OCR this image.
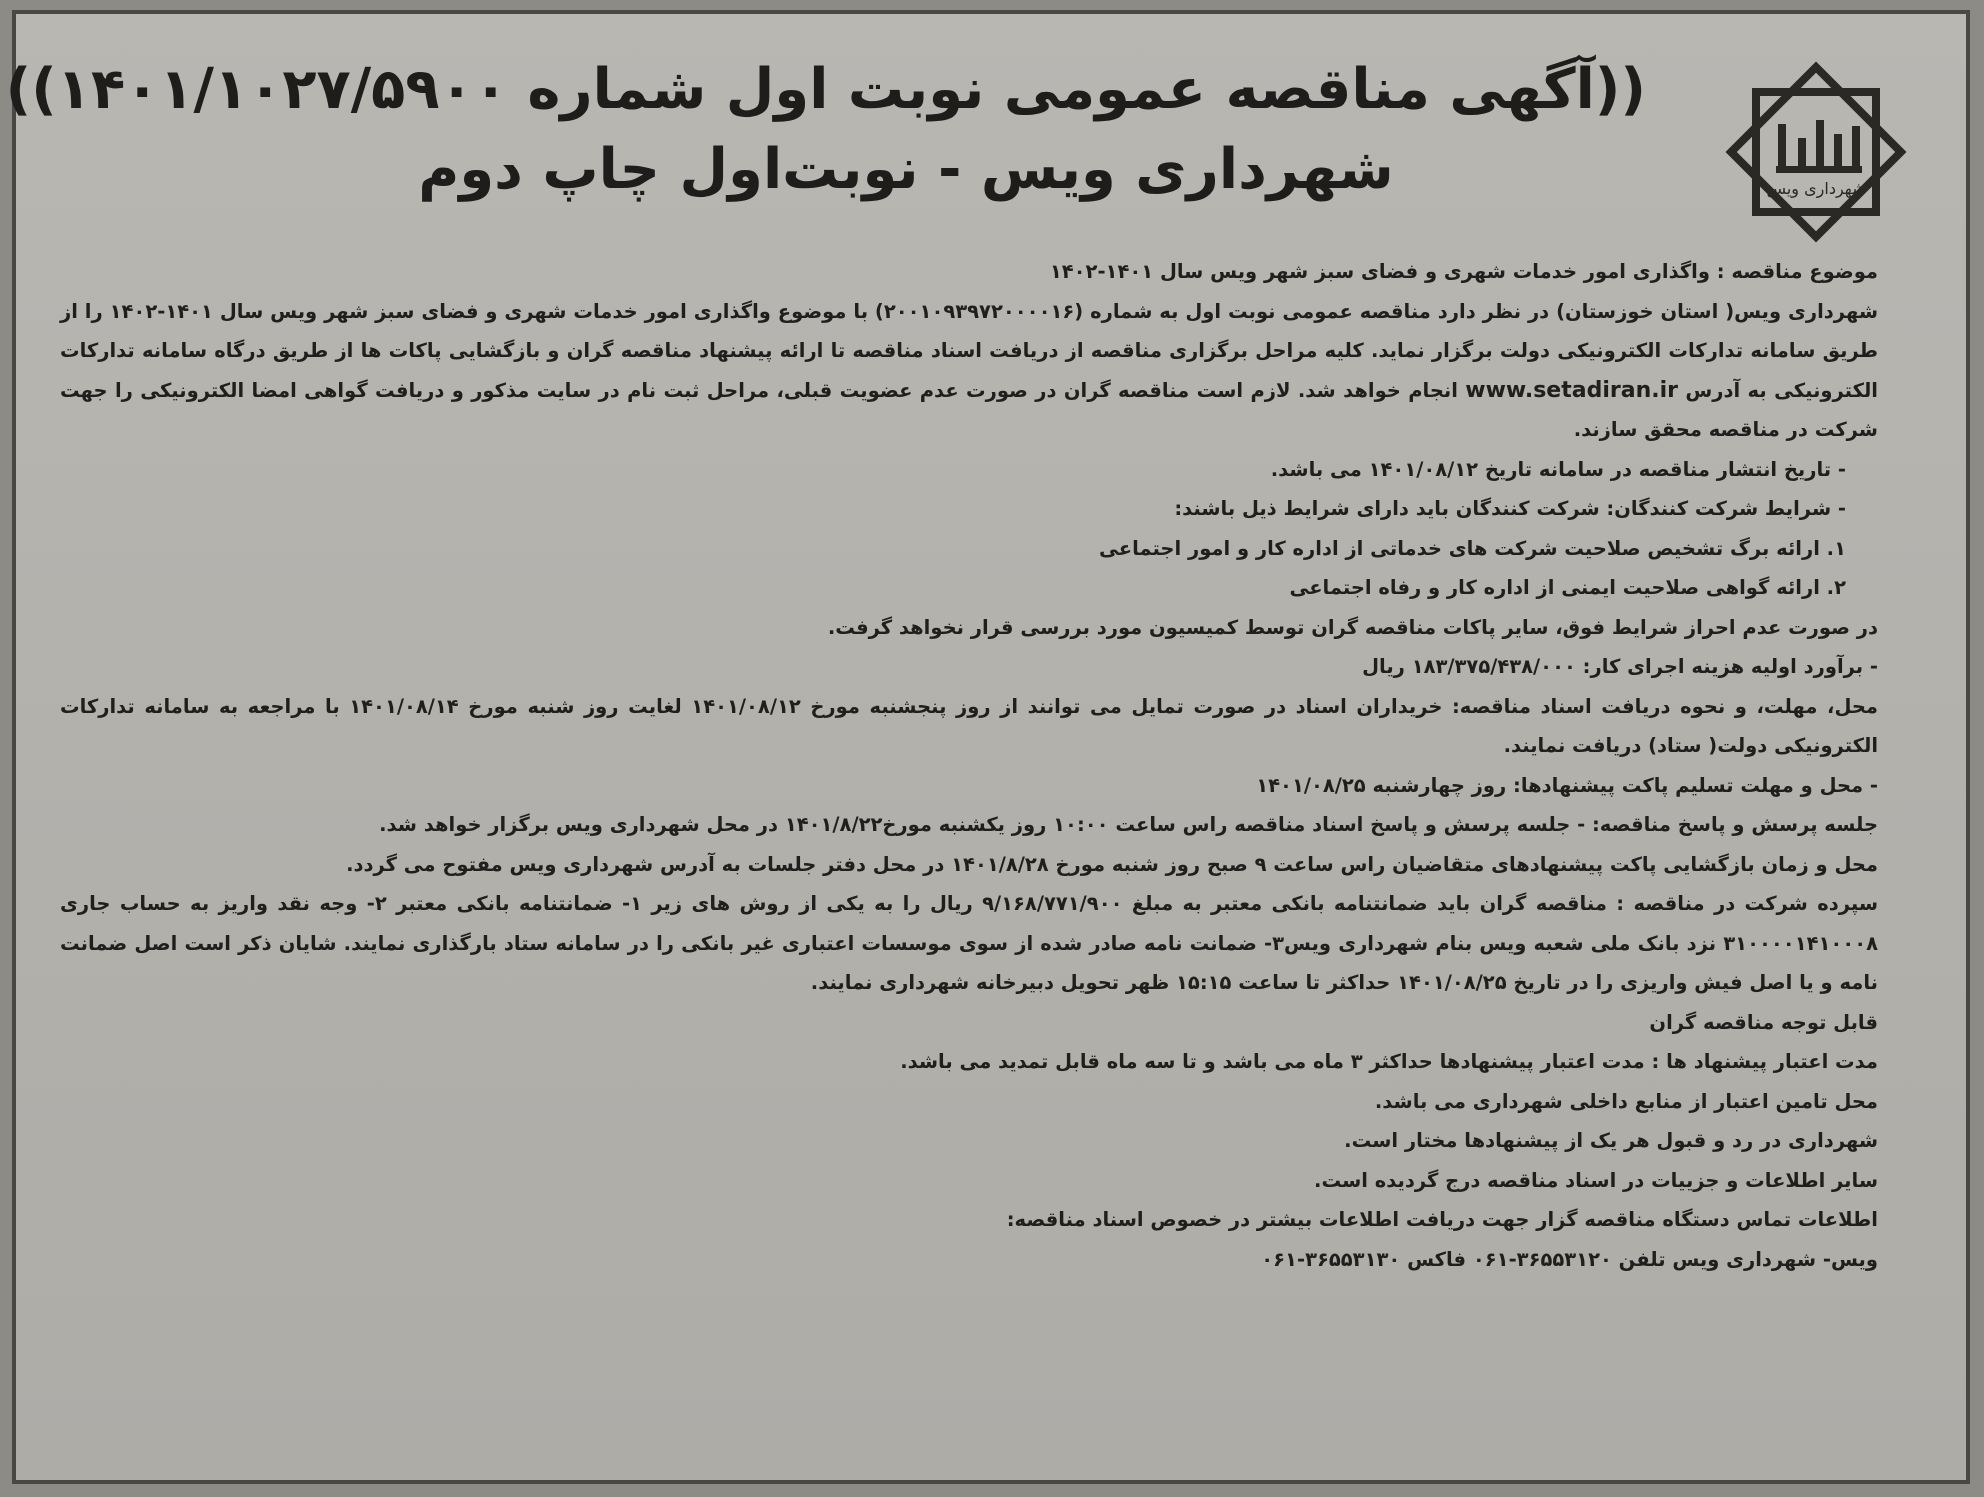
شهرداری ویس
((آگهی مناقصه عمومی نوبت اول شماره ۱۴۰۱/۱۰۲۷/۵۹۰۰))
شهرداری ویس - نوبت‌اول چاپ دوم

موضوع مناقصه : واگذاری امور خدمات شهری و فضای سبز شهر ویس سال ۱۴۰۱-۱۴۰۲

شهرداری ویس( استان خوزستان) در نظر دارد مناقصه عمومی نوبت اول به شماره (۲۰۰۱۰۹۳۹۷۲۰۰۰۰۱۶) با موضوع واگذاری امور خدمات شهری و فضای سبز شهر ویس سال ۱۴۰۱-۱۴۰۲ را از طریق سامانه تدارکات الکترونیکی دولت برگزار نماید. کلیه مراحل برگزاری مناقصه از دریافت اسناد مناقصه تا ارائه پیشنهاد مناقصه گران و بازگشایی پاکات ها از طریق درگاه سامانه تدارکات الکترونیکی به آدرس www.setadiran.ir انجام خواهد شد. لازم است مناقصه گران در صورت عدم عضویت قبلی، مراحل ثبت نام در سایت مذکور و دریافت گواهی امضا الکترونیکی را جهت شرکت در مناقصه محقق سازند.

- تاریخ انتشار مناقصه در سامانه تاریخ ۱۴۰۱/۰۸/۱۲ می باشد.

- شرایط شرکت کنندگان: شرکت کنندگان باید دارای شرایط ذیل باشند:

۱. ارائه برگ تشخیص صلاحیت شرکت های خدماتی از اداره کار و امور اجتماعی

۲. ارائه گواهی صلاحیت ایمنی از اداره کار و رفاه اجتماعی

در صورت عدم احراز شرایط فوق، سایر پاکات مناقصه گران توسط کمیسیون مورد بررسی قرار نخواهد گرفت.

- برآورد اولیه هزینه اجرای کار: ۱۸۳/۳۷۵/۴۳۸/۰۰۰ ریال

محل، مهلت، و نحوه دریافت اسناد مناقصه: خریداران اسناد در صورت تمایل می توانند از روز پنجشنبه مورخ ۱۴۰۱/۰۸/۱۲ لغایت روز شنبه مورخ ۱۴۰۱/۰۸/۱۴ با مراجعه به سامانه تدارکات الکترونیکی دولت( ستاد) دریافت نمایند.

- محل و مهلت تسلیم پاکت پیشنهادها: روز چهارشنبه ۱۴۰۱/۰۸/۲۵

جلسه پرسش و پاسخ مناقصه: - جلسه پرسش و پاسخ اسناد مناقصه راس ساعت ۱۰:۰۰ روز یکشنبه مورخ۱۴۰۱/۸/۲۲ در محل شهرداری ویس برگزار خواهد شد.

محل و زمان بازگشایی پاکت پیشنهادهای متقاضیان راس ساعت ۹ صبح روز شنبه مورخ ۱۴۰۱/۸/۲۸ در محل دفتر جلسات به آدرس شهرداری ویس مفتوح می گردد.

سپرده شرکت در مناقصه : مناقصه گران باید ضمانتنامه بانکی معتبر به مبلغ ۹/۱۶۸/۷۷۱/۹۰۰ ریال را به یکی از روش های زیر ۱- ضمانتنامه بانکی معتبر ۲- وجه نقد واریز به حساب جاری ۳۱۰۰۰۰۱۴۱۰۰۰۸ نزد بانک ملی شعبه ویس بنام شهرداری ویس۳- ضمانت نامه صادر شده از سوی موسسات اعتباری غیر بانکی را در سامانه ستاد بارگذاری نمایند. شایان ذکر است اصل ضمانت نامه و یا اصل فیش واریزی را در تاریخ ۱۴۰۱/۰۸/۲۵ حداکثر تا ساعت ۱۵:۱۵ ظهر تحویل دبیرخانه شهرداری نمایند.

قابل توجه مناقصه گران

مدت اعتبار پیشنهاد ها : مدت اعتبار پیشنهادها حداکثر ۳ ماه می باشد و تا سه ماه قابل تمدید می باشد.

محل تامین اعتبار از منابع داخلی شهرداری می باشد.

شهرداری در رد و قبول هر یک از پیشنهادها مختار است.

سایر اطلاعات و جزییات در اسناد مناقصه درج گردیده است.

اطلاعات تماس دستگاه مناقصه گزار جهت دریافت اطلاعات بیشتر در خصوص اسناد مناقصه:

ویس- شهرداری ویس تلفن ۳۶۵۵۳۱۲۰-۰۶۱ فاکس ۳۶۵۵۳۱۳۰-۰۶۱
